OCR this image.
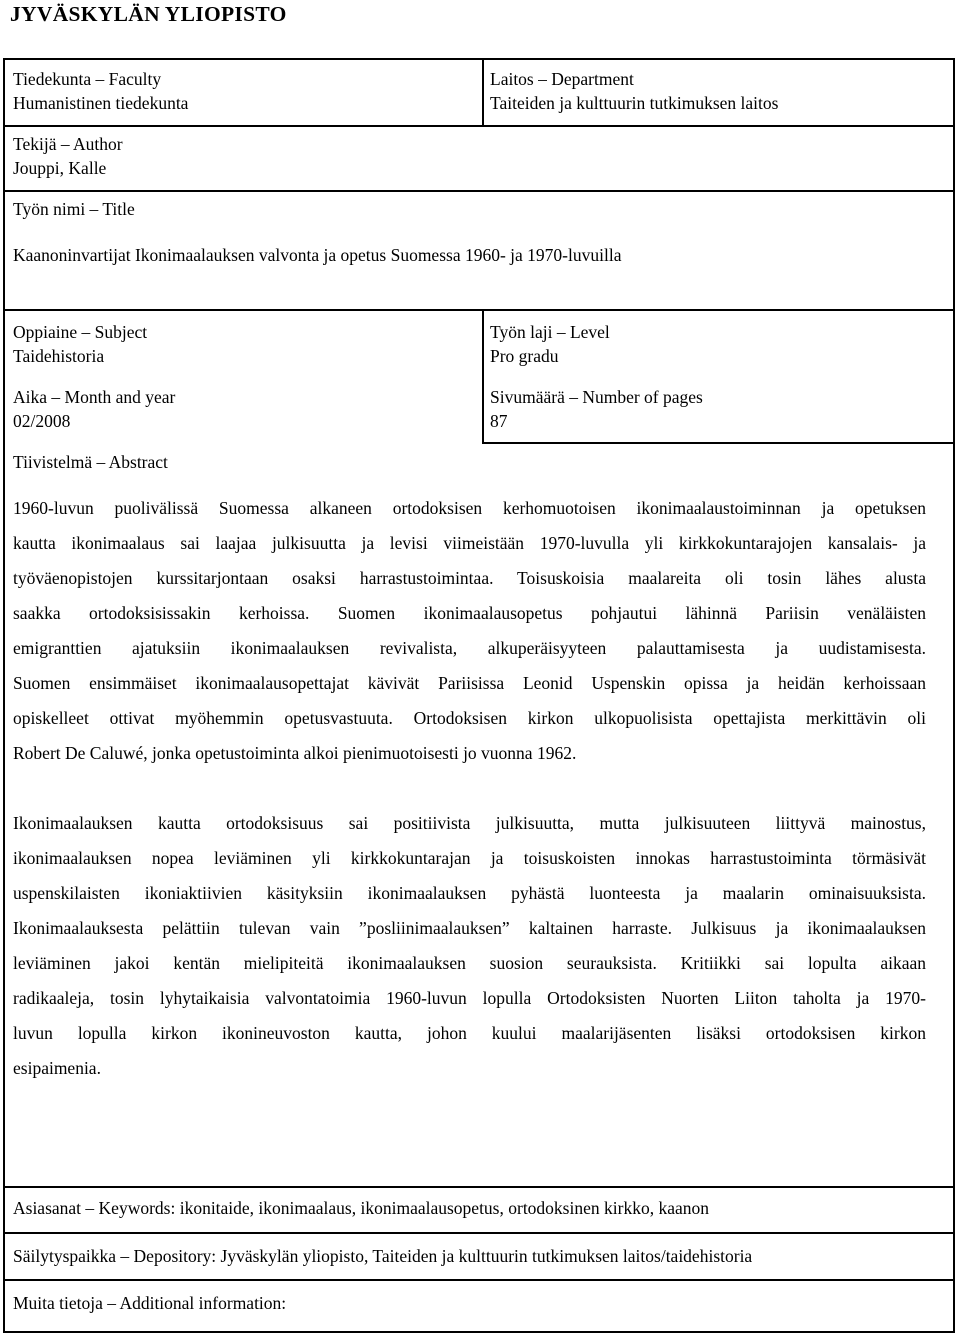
JYVÄSKYLÄN YLIOPISTO
Tiedekunta – Faculty
Humanistinen tiedekunta
Laitos – Department
Taiteiden ja kulttuurin tutkimuksen laitos
Tekijä – Author
Jouppi, Kalle
Työn nimi – Title
Kaanoninvartijat Ikonimaalauksen valvonta ja opetus Suomessa 1960- ja 1970-luvuilla
Oppiaine – Subject
Taidehistoria
Työn laji – Level
Pro gradu
Aika – Month and year
02/2008
Sivumäärä – Number of pages
87
Tiivistelmä – Abstract
1960-luvun puolivälissä Suomessa alkaneen ortodoksisen kerhomuotoisen ikonimaalaustoiminnan ja opetuksen
kautta ikonimaalaus sai laajaa julkisuutta ja levisi viimeistään 1970-luvulla yli kirkkokuntarajojen kansalais- ja
työväenopistojen kurssitarjontaan osaksi harrastustoimintaa. Toisuskoisia maalareita oli tosin lähes alusta
saakka ortodoksisissakin kerhoissa. Suomen ikonimaalausopetus pohjautui lähinnä Pariisin venäläisten
emigranttien ajatuksiin ikonimaalauksen revivalista, alkuperäisyyteen palauttamisesta ja uudistamisesta.
Suomen ensimmäiset ikonimaalausopettajat kävivät Pariisissa Leonid Uspenskin opissa ja heidän kerhoissaan
opiskelleet ottivat myöhemmin opetusvastuuta. Ortodoksisen kirkon ulkopuolisista opettajista merkittävin oli
Robert De Caluwé, jonka opetustoiminta alkoi pienimuotoisesti jo vuonna 1962.
Ikonimaalauksen kautta ortodoksisuus sai positiivista julkisuutta, mutta julkisuuteen liittyvä mainostus,
ikonimaalauksen nopea leviäminen yli kirkkokuntarajan ja toisuskoisten innokas harrastustoiminta törmäsivät
uspenskilaisten ikoniaktiivien käsityksiin ikonimaalauksen pyhästä luonteesta ja maalarin ominaisuuksista.
Ikonimaalauksesta pelättiin tulevan vain ”posliinimaalauksen” kaltainen harraste. Julkisuus ja ikonimaalauksen
leviäminen jakoi kentän mielipiteitä ikonimaalauksen suosion seurauksista. Kritiikki sai lopulta aikaan
radikaaleja, tosin lyhytaikaisia valvontatoimia 1960-luvun lopulla Ortodoksisten Nuorten Liiton taholta ja 1970-
luvun lopulla kirkon ikonineuvoston kautta, johon kuului maalarijäsenten lisäksi ortodoksisen kirkon
esipaimenia.
Asiasanat – Keywords: ikonitaide, ikonimaalaus, ikonimaalausopetus, ortodoksinen kirkko, kaanon
Säilytyspaikka – Depository: Jyväskylän yliopisto, Taiteiden ja kulttuurin tutkimuksen laitos/taidehistoria
Muita tietoja – Additional information:
